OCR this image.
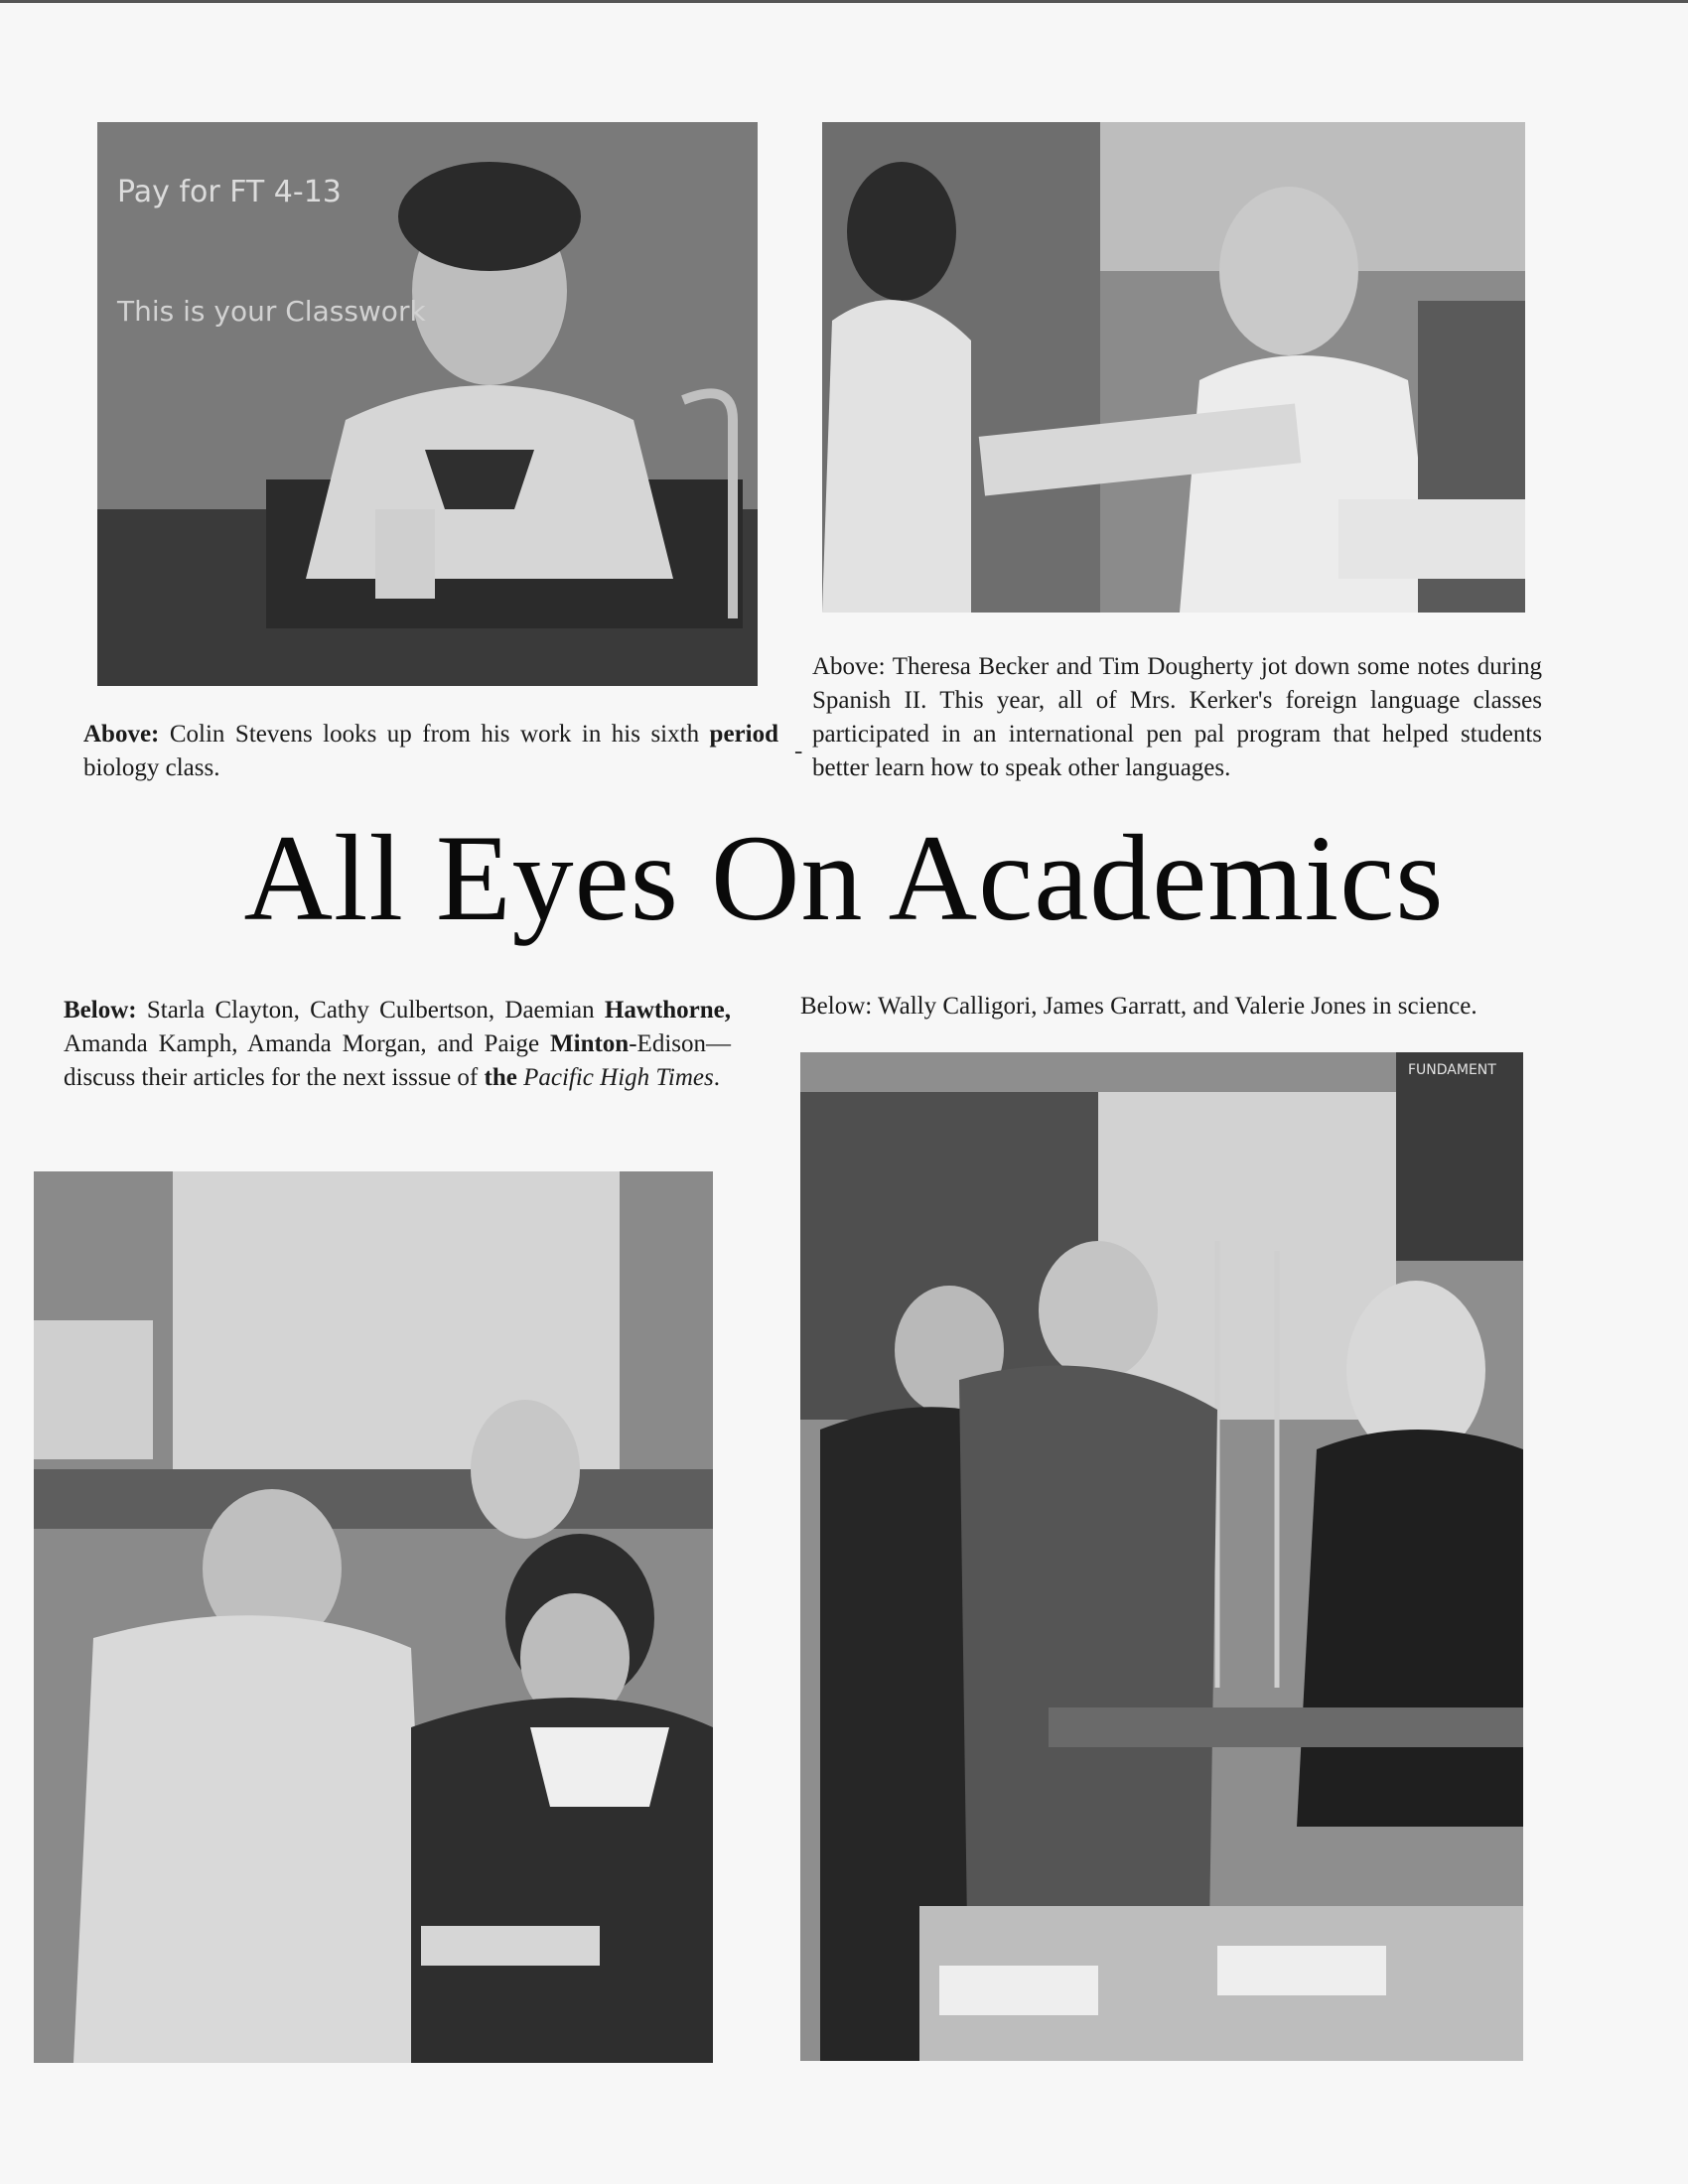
Pay for FT 4-13
This is your Classwork
Above: Colin Stevens looks up from his work in his sixth period biology class.
-
Above: Theresa Becker and Tim Dougherty jot down some notes during Spanish II. This year, all of Mrs. Kerker's foreign language classes participated in an international pen pal program that helped students better learn how to speak other languages.
All Eyes On Academics
Below: Starla Clayton, Cathy Culbertson, Daemian Hawthorne, Amanda Kamph, Amanda Morgan, and Paige Minton-Edison—discuss their articles for the next isssue of the Pacific High Times.
Below: Wally Calligori, James Garratt, and Valerie Jones in science.
FUNDAMENT
